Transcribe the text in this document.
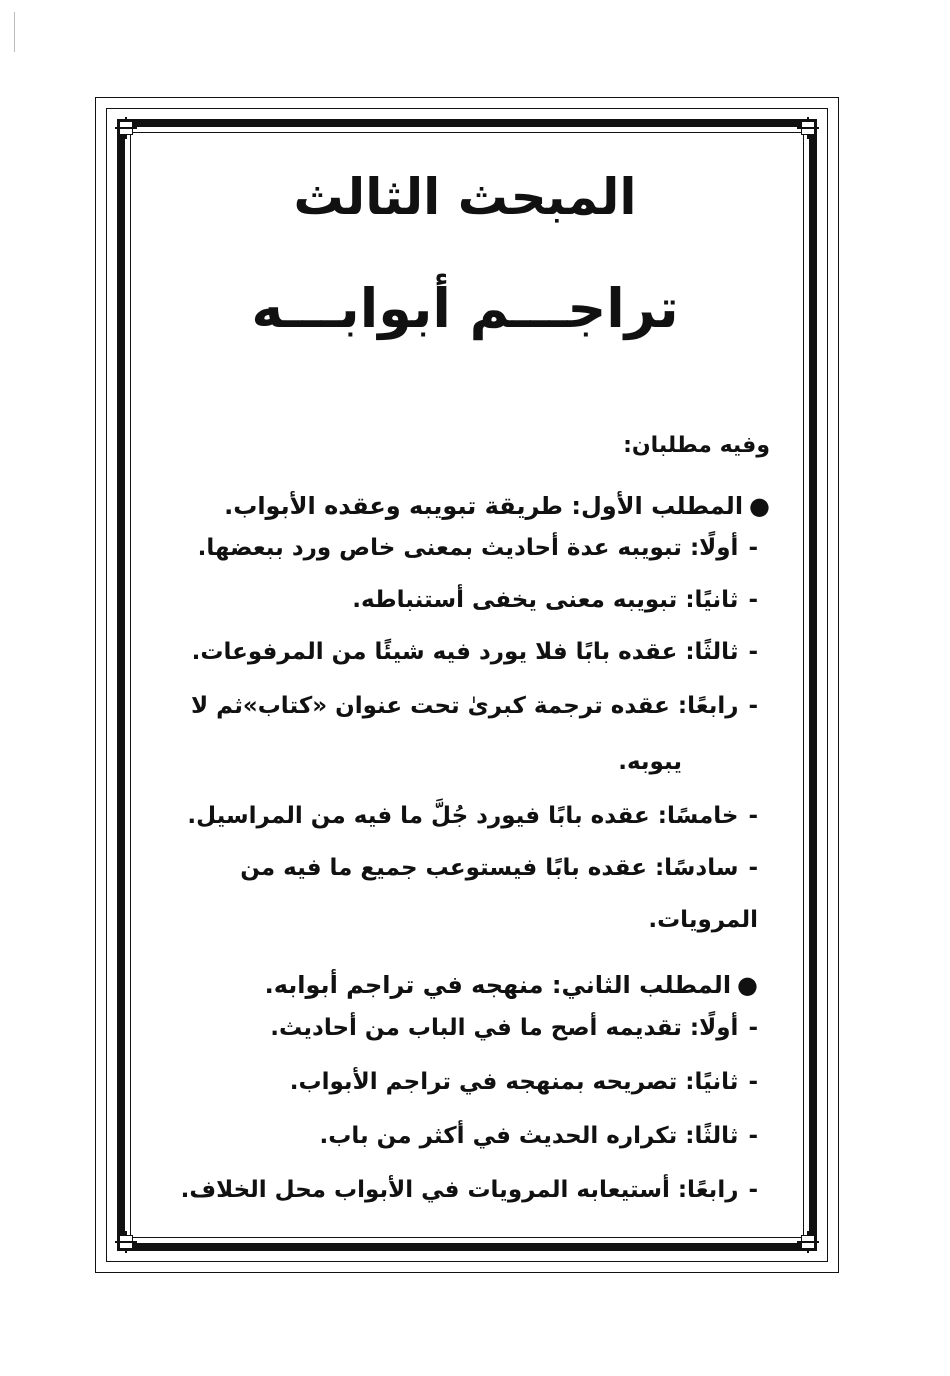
المبحث الثالث
تراجـــم أبوابـــه
وفيه مطلبان:
●المطلب الأول: طريقة تبويبه وعقده الأبواب.
-أولًا: تبويبه عدة أحاديث بمعنى خاص ورد ببعضها.
-ثانيًا: تبويبه معنى يخفى أستنباطه.
-ثالثًا: عقده بابًا فلا يورد فيه شيئًا من المرفوعات.
-رابعًا: عقده ترجمة كبرىٰ تحت عنوان «كتاب»ثم لا
يبوبه.
-خامسًا: عقده بابًا فيورد جُلَّ ما فيه من المراسيل.
-سادسًا: عقده بابًا فيستوعب جميع ما فيه من المرويات.
●المطلب الثاني: منهجه في تراجم أبوابه.
-أولًا: تقديمه أصح ما في الباب من أحاديث.
-ثانيًا: تصريحه بمنهجه في تراجم الأبواب.
-ثالثًا: تكراره الحديث في أكثر من باب.
-رابعًا: أستيعابه المرويات في الأبواب محل الخلاف.
